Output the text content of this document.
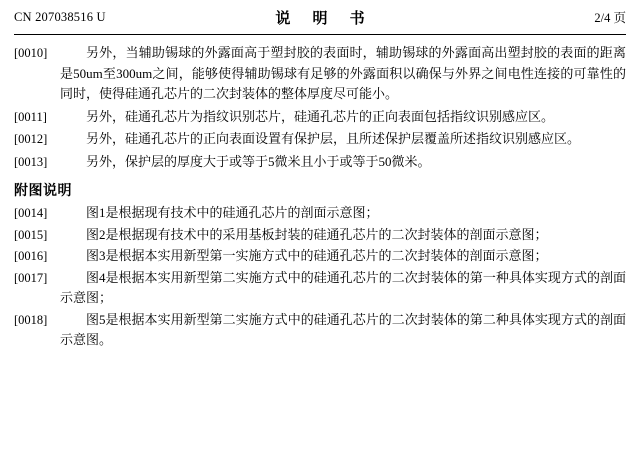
CN 207038516 U	说 明 书	2/4 页
[0010]	另外，当辅助锡球的外露面高于塑封胶的表面时，辅助锡球的外露面高出塑封胶的表面的距离是50um至300um之间，能够使得辅助锡球有足够的外露面积以确保与外界之间电性连接的可靠性的同时，使得硅通孔芯片的二次封装体的整体厚度尽可能小。
[0011]	另外，硅通孔芯片为指纹识别芯片，硅通孔芯片的正向表面包括指纹识别感应区。
[0012]	另外，硅通孔芯片的正向表面设置有保护层，且所述保护层覆盖所述指纹识别感应区。
[0013]	另外，保护层的厚度大于或等于5微米且小于或等于50微米。
附图说明
[0014]	图1是根据现有技术中的硅通孔芯片的剖面示意图；
[0015]	图2是根据现有技术中的采用基板封装的硅通孔芯片的二次封装体的剖面示意图；
[0016]	图3是根据本实用新型第一实施方式中的硅通孔芯片的二次封装体的剖面示意图；
[0017]	图4是根据本实用新型第二实施方式中的硅通孔芯片的二次封装体的第一种具体实现方式的剖面示意图；
[0018]	图5是根据本实用新型第二实施方式中的硅通孔芯片的二次封装体的第二种具体实现方式的剖面示意图。
